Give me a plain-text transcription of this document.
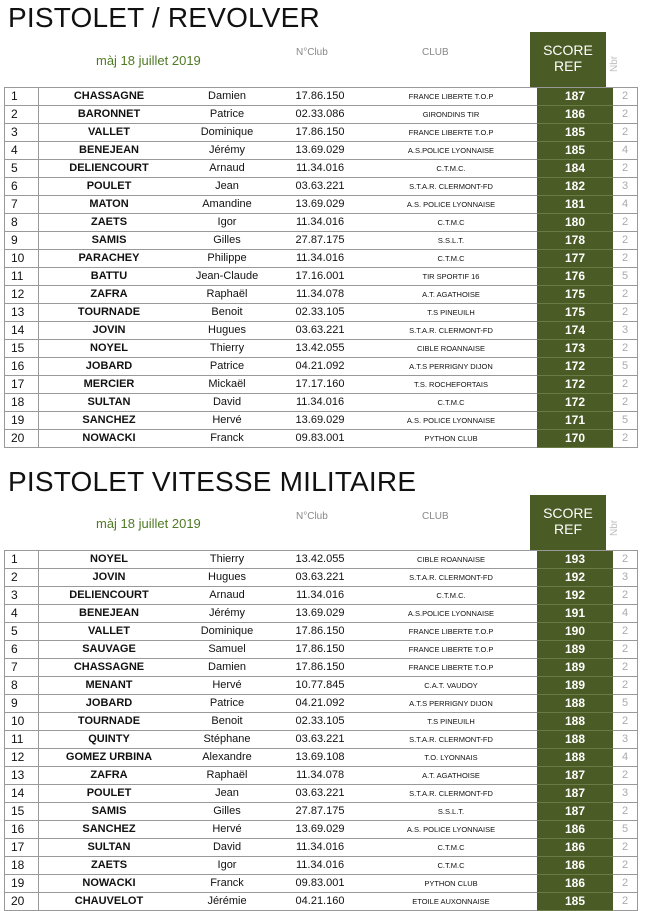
PISTOLET / REVOLVER
màj 18 juillet 2019
N°Club	CLUB	SCORE REF	Nbr
1	CHASSAGNE	Damien	17.86.150	FRANCE LIBERTE T.O.P	187	2
2	BARONNET	Patrice	02.33.086	GIRONDINS TIR	186	2
3	VALLET	Dominique	17.86.150	FRANCE LIBERTE T.O.P	185	2
4	BENEJEAN	Jérémy	13.69.029	A.S.POLICE LYONNAISE	185	4
5	DELIENCOURT	Arnaud	11.34.016	C.T.M.C.	184	2
6	POULET	Jean	03.63.221	S.T.A.R. CLERMONT-FD	182	3
7	MATON	Amandine	13.69.029	A.S. POLICE LYONNAISE	181	4
8	ZAETS	Igor	11.34.016	C.T.M.C	180	2
9	SAMIS	Gilles	27.87.175	S.S.L.T.	178	2
10	PARACHEY	Philippe	11.34.016	C.T.M.C	177	2
11	BATTU	Jean-Claude	17.16.001	TIR SPORTIF 16	176	5
12	ZAFRA	Raphaël	11.34.078	A.T. AGATHOISE	175	2
13	TOURNADE	Benoit	02.33.105	T.S PINEUILH	175	2
14	JOVIN	Hugues	03.63.221	S.T.A.R. CLERMONT-FD	174	3
15	NOYEL	Thierry	13.42.055	CIBLE ROANNAISE	173	2
16	JOBARD	Patrice	04.21.092	A.T.S PERRIGNY DIJON	172	5
17	MERCIER	Mickaël	17.17.160	T.S. ROCHEFORTAIS	172	2
18	SULTAN	David	11.34.016	C.T.M.C	172	2
19	SANCHEZ	Hervé	13.69.029	A.S. POLICE LYONNAISE	171	5
20	NOWACKI	Franck	09.83.001	PYTHON CLUB	170	2
PISTOLET VITESSE MILITAIRE
màj 18 juillet 2019	N°Club	CLUB	SCORE REF	Nbr
1	NOYEL	Thierry	13.42.055	CIBLE ROANNAISE	193	2
2	JOVIN	Hugues	03.63.221	S.T.A.R. CLERMONT-FD	192	3
3	DELIENCOURT	Arnaud	11.34.016	C.T.M.C.	192	2
4	BENEJEAN	Jérémy	13.69.029	A.S.POLICE LYONNAISE	191	4
5	VALLET	Dominique	17.86.150	FRANCE LIBERTE T.O.P	190	2
6	SAUVAGE	Samuel	17.86.150	FRANCE LIBERTE T.O.P	189	2
7	CHASSAGNE	Damien	17.86.150	FRANCE LIBERTE T.O.P	189	2
8	MENANT	Hervé	10.77.845	C.A.T. VAUDOY	189	2
9	JOBARD	Patrice	04.21.092	A.T.S PERRIGNY DIJON	188	5
10	TOURNADE	Benoit	02.33.105	T.S PINEUILH	188	2
11	QUINTY	Stéphane	03.63.221	S.T.A.R. CLERMONT-FD	188	3
12	GOMEZ URBINA	Alexandre	13.69.108	T.O. LYONNAIS	188	4
13	ZAFRA	Raphaël	11.34.078	A.T. AGATHOISE	187	2
14	POULET	Jean	03.63.221	S.T.A.R. CLERMONT-FD	187	3
15	SAMIS	Gilles	27.87.175	S.S.L.T.	187	2
16	SANCHEZ	Hervé	13.69.029	A.S. POLICE LYONNAISE	186	5
17	SULTAN	David	11.34.016	C.T.M.C	186	2
18	ZAETS	Igor	11.34.016	C.T.M.C	186	2
19	NOWACKI	Franck	09.83.001	PYTHON CLUB	186	2
20	CHAUVELOT	Jérémie	04.21.160	ETOILE AUXONNAISE	185	2
